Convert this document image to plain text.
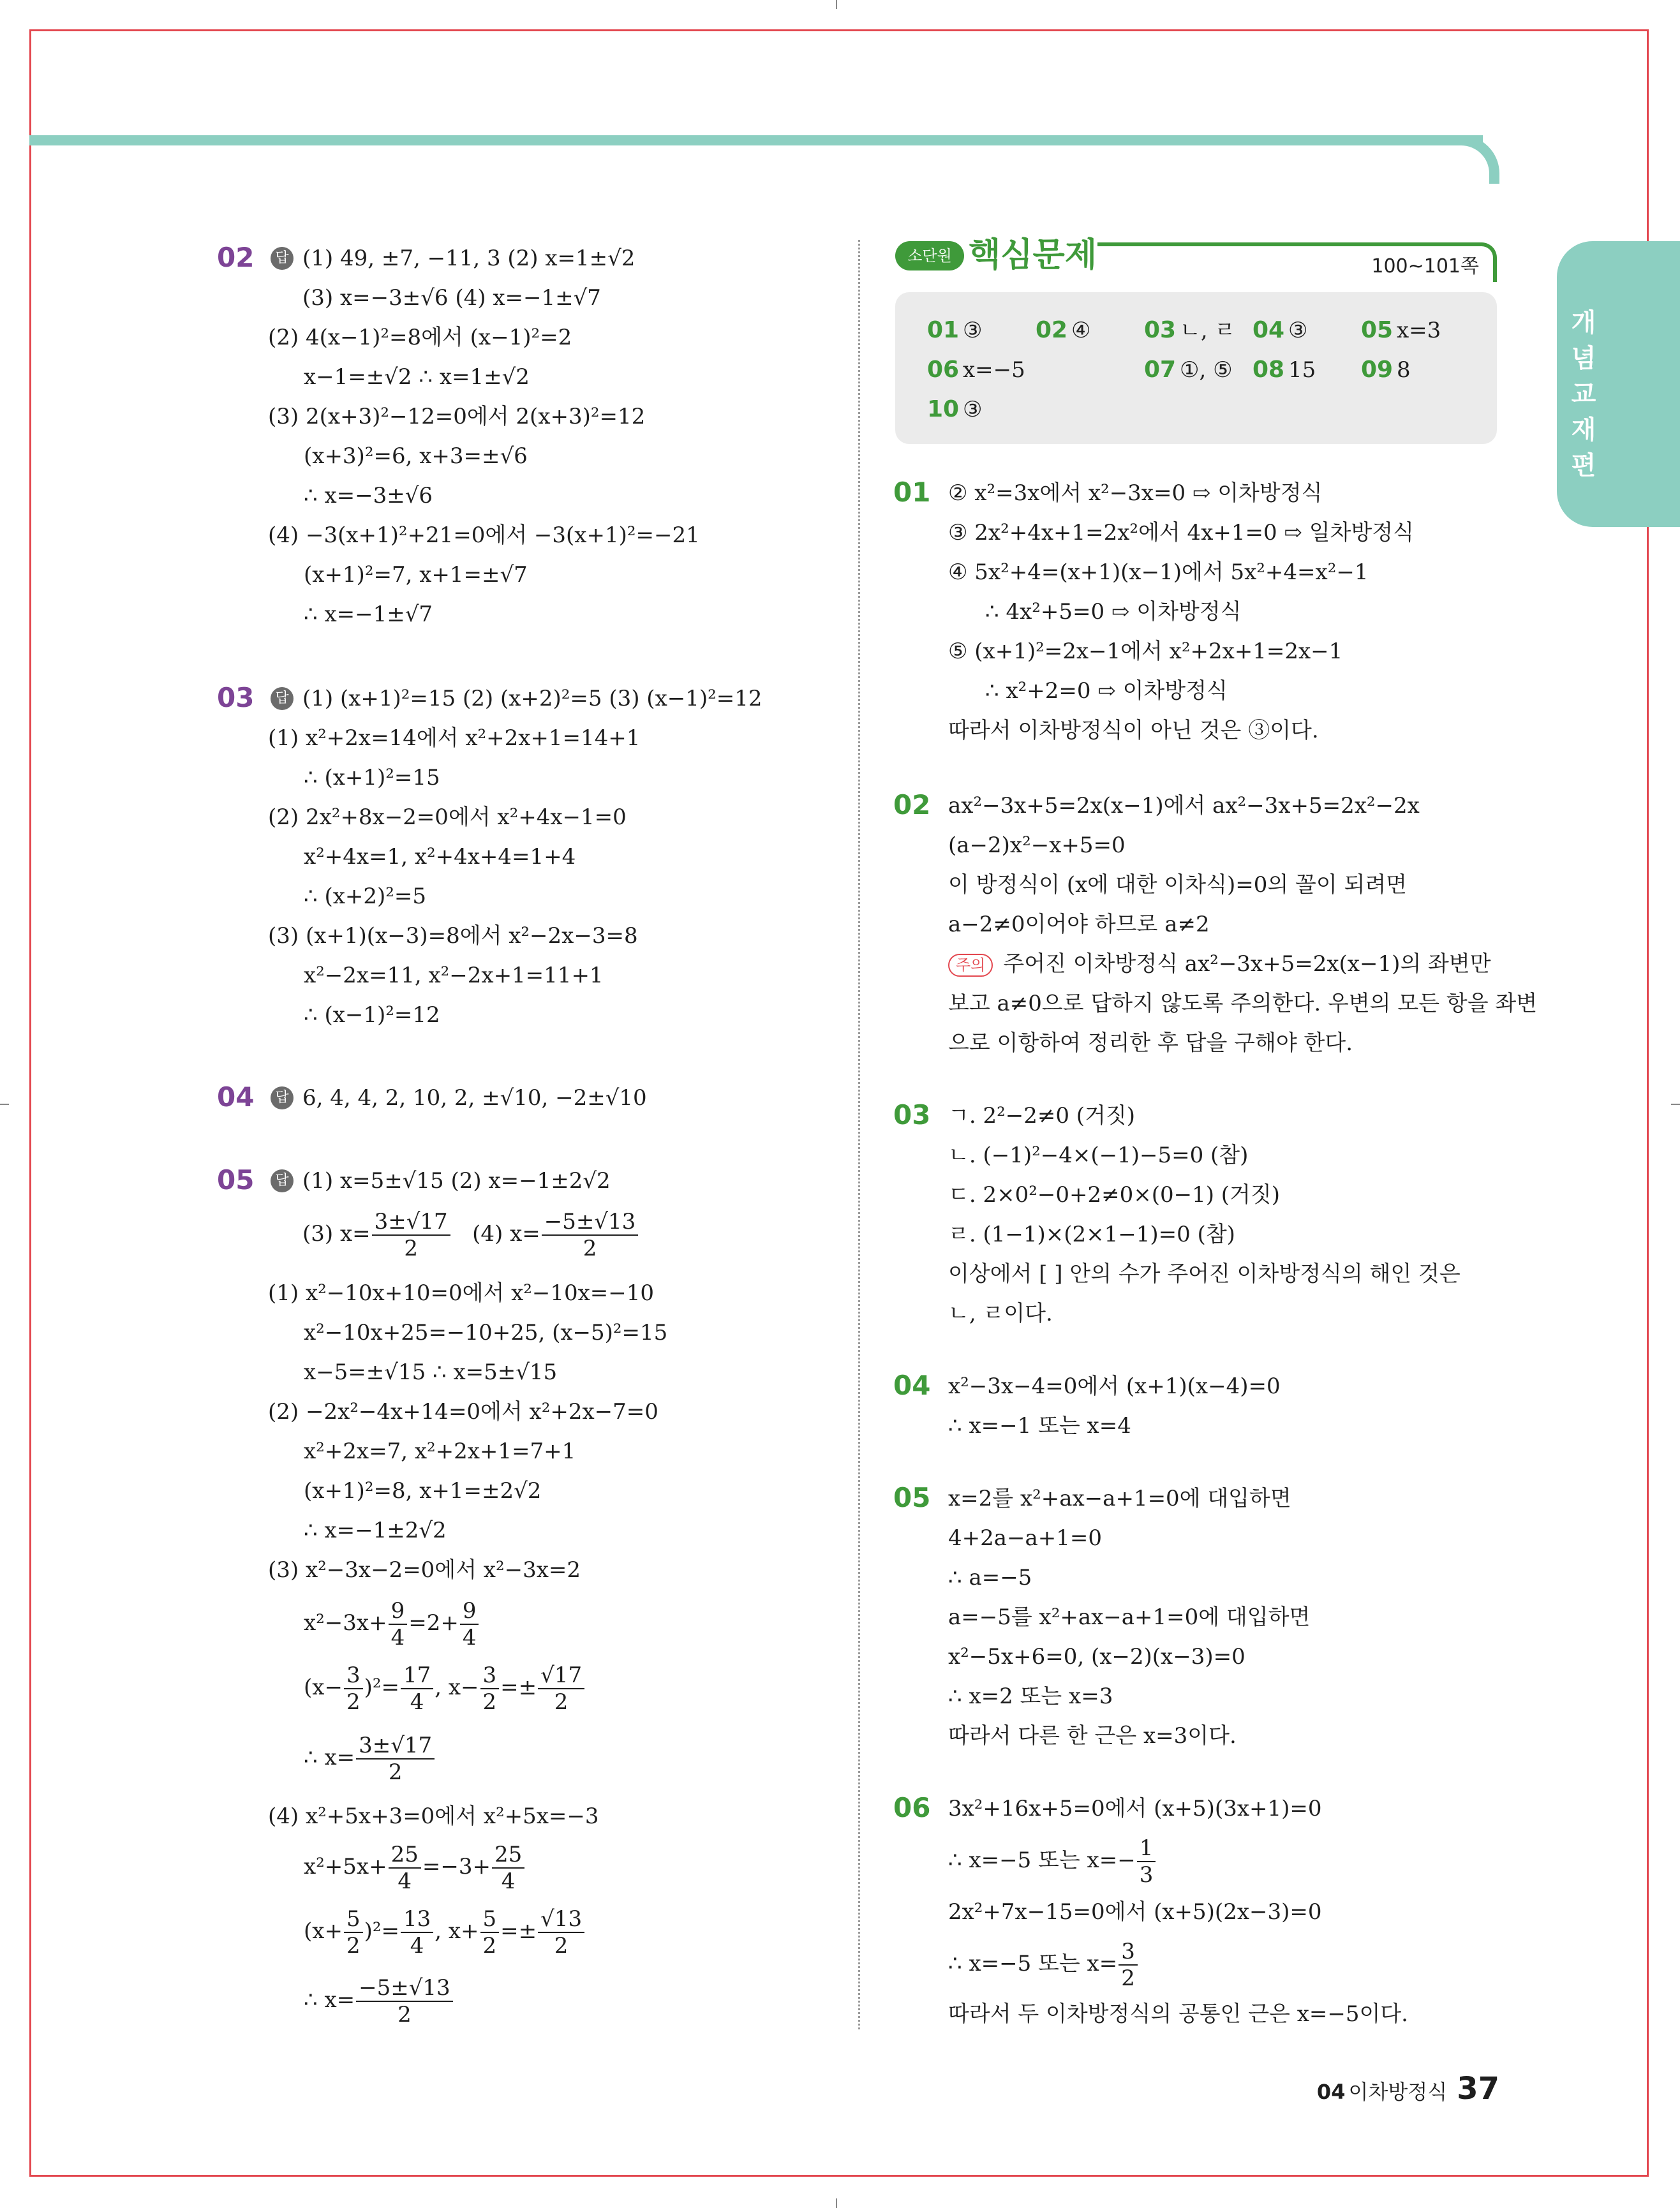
개념교재편
02	답 (1) 49, ±7, −11, 3 (2) x=1±√2
(3) x=−3±√6 (4) x=−1±√7
(2) 4(x−1)²=8에서 (x−1)²=2
x−1=±√2 ∴ x=1±√2
(3) 2(x+3)²−12=0에서 2(x+3)²=12
(x+3)²=6, x+3=±√6
∴ x=−3±√6
(4) −3(x+1)²+21=0에서 −3(x+1)²=−21
(x+1)²=7, x+1=±√7
∴ x=−1±√7
03	답 (1) (x+1)²=15 (2) (x+2)²=5 (3) (x−1)²=12
(1) x²+2x=14에서 x²+2x+1=14+1
∴ (x+1)²=15
(2) 2x²+8x−2=0에서 x²+4x−1=0
x²+4x=1, x²+4x+4=1+4
∴ (x+2)²=5
(3) (x+1)(x−3)=8에서 x²−2x−3=8
x²−2x=11, x²−2x+1=11+1
∴ (x−1)²=12
04	답 6, 4, 4, 2, 10, 2, ±√10, −2±√10
05	답 (1) x=5±√15 (2) x=−1±2√2
(3) $x= \frac{3\pm√17}{2} (4)$ $x= \frac{-5\pm√13}{2}$
(1) x²−10x+10=0에서 x²−10x=−10
x²−10x+25=−10+25, (x−5)²=15
x−5=±√15 ∴ x=5±√15
(2) −2x²−4x+14=0에서 x²+2x−7=0
x²+2x=7, x²+2x+1=7+1
(x+1)²=8, x+1=±2√2
∴ x=−1±2√2
(3) x²−3x−2=0에서 x²−3x=2
$x^2-3x+ \frac{9}{4} =2+ \frac{9}{4}$
$(x- \frac{3}{2} )^2= \frac{17}{4}$ , $x- \frac{3}{2} =\pm \frac{√17}{2}$
∴ $x= \frac{3\pm√17}{2}$
(4) x²+5x+3=0에서 x²+5x=−3
$x^2+5x+ \frac{25}{4} =-3+ \frac{25}{4}$
$(x+ \frac{5}{2} )^2= \frac{13}{4}$ , $x+ \frac{5}{2} =\pm \frac{√13}{2}$
∴ $x= \frac{-5\pm√13}{2}$
소단원 핵심문제	100~101쪽
01 ③ 02 ④ 03 ㄴ, ㄹ 04 ③ 05 x=3
06 x=−5	07 ①, ⑤ 08 15 09 8
10 ③
01 ② x²=3x에서 x²−3x=0 ⇨ 이차방정식
③ 2x²+4x+1=2x²에서 4x+1=0 ⇨ 일차방정식
④ 5x²+4=(x+1)(x−1)에서 5x²+4=x²−1
∴ 4x²+5=0 ⇨ 이차방정식
⑤ (x+1)²=2x−1에서 x²+2x+1=2x−1
∴ x²+2=0 ⇨ 이차방정식
따라서 이차방정식이 아닌 것은 ③이다.
02 ax²−3x+5=2x(x−1)에서 ax²−3x+5=2x²−2x
(a−2)x²−x+5=0
이 방정식이 (x에 대한 이차식)=0의 꼴이 되려면
a−2≠0이어야 하므로 a≠2
주의 주어진 이차방정식 ax²−3x+5=2x(x−1)의 좌변만
보고 a≠0으로 답하지 않도록 주의한다. 우변의 모든 항을 좌변
으로 이항하여 정리한 후 답을 구해야 한다.
03 ㄱ. 2²−2≠0 (거짓)
ㄴ. (−1)²−4×(−1)−5=0 (참)
ㄷ. 2×0²−0+2≠0×(0−1) (거짓)
ㄹ. (1−1)×(2×1−1)=0 (참)
이상에서 [ ] 안의 수가 주어진 이차방정식의 해인 것은
ㄴ, ㄹ이다.
04 x²−3x−4=0에서 (x+1)(x−4)=0
∴ x=−1 또는 x=4
05 x=2를 x²+ax−a+1=0에 대입하면
4+2a−a+1=0
∴ a=−5
a=−5를 x²+ax−a+1=0에 대입하면
x²−5x+6=0, (x−2)(x−3)=0
∴ x=2 또는 x=3
따라서 다른 한 근은 x=3이다.
06 3x²+16x+5=0에서 (x+5)(3x+1)=0
∴ x=−5 또는 $x=- \frac{1}{3}$
2x²+7x−15=0에서 (x+5)(2x−3)=0
∴ x=−5 또는 $x= \frac{3}{2}$
따라서 두 이차방정식의 공통인 근은 x=−5이다.
04 이차방정식 37
